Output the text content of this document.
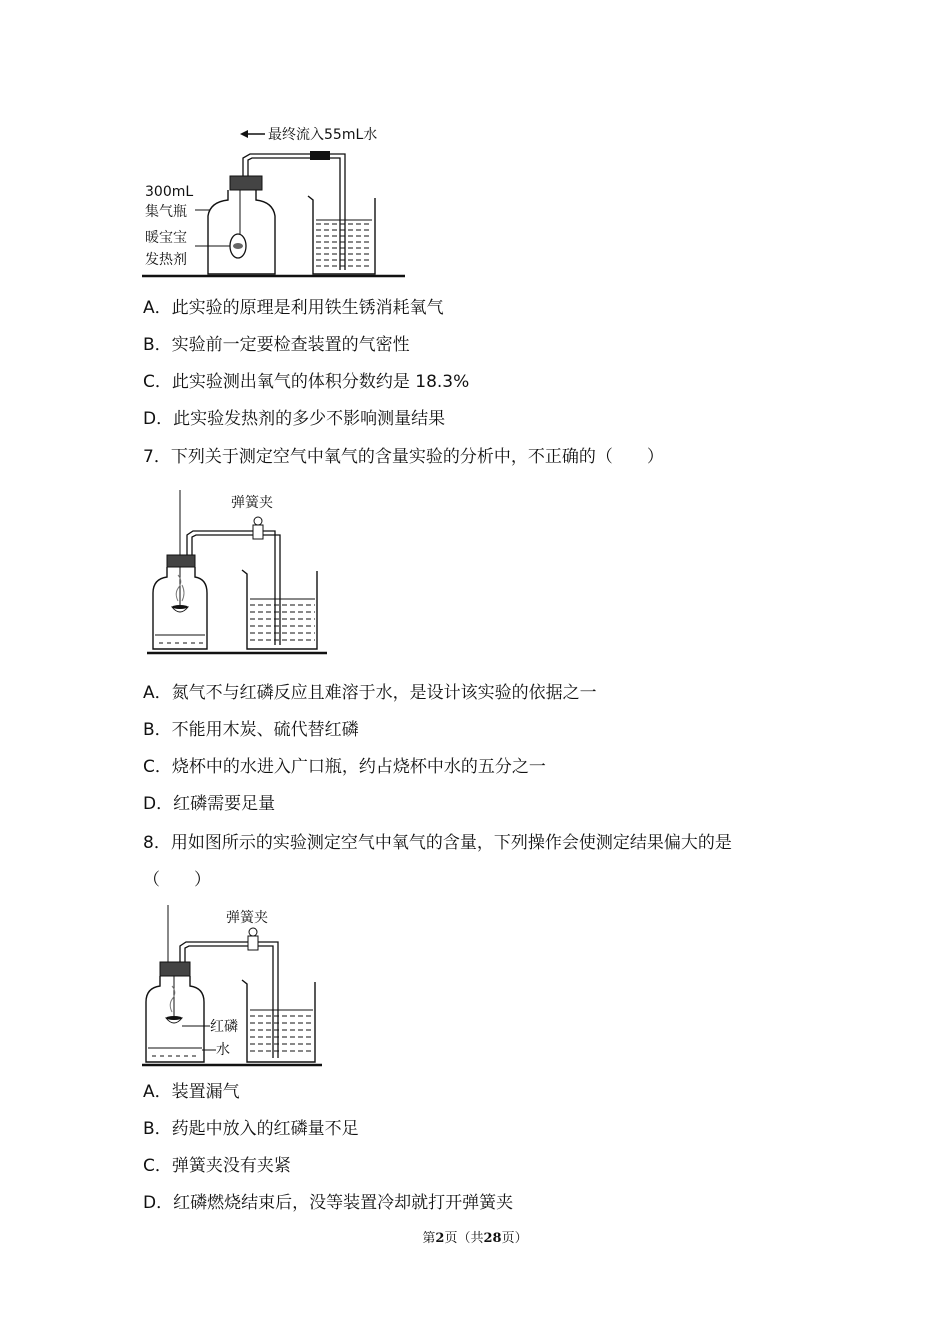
最终流入55mL水
300mL
集气瓶
暖宝宝
发热剂
A．此实验的原理是利用铁生锈消耗氧气
B．实验前一定要检查装置的气密性
C．此实验测出氧气的体积分数约是 18.3%
D．此实验发热剂的多少不影响测量结果
7．下列关于测定空气中氧气的含量实验的分析中，不正确的（　　）
弹簧夹
A．氮气不与红磷反应且难溶于水，是设计该实验的依据之一
B．不能用木炭、硫代替红磷
C．烧杯中的水进入广口瓶，约占烧杯中水的五分之一
D．红磷需要足量
8．用如图所示的实验测定空气中氧气的含量，下列操作会使测定结果偏大的是
（　　）
弹簧夹
红磷
水
A．装置漏气
B．药匙中放入的红磷量不足
C．弹簧夹没有夹紧
D．红磷燃烧结束后，没等装置冷却就打开弹簧夹
第2页（共28页）
